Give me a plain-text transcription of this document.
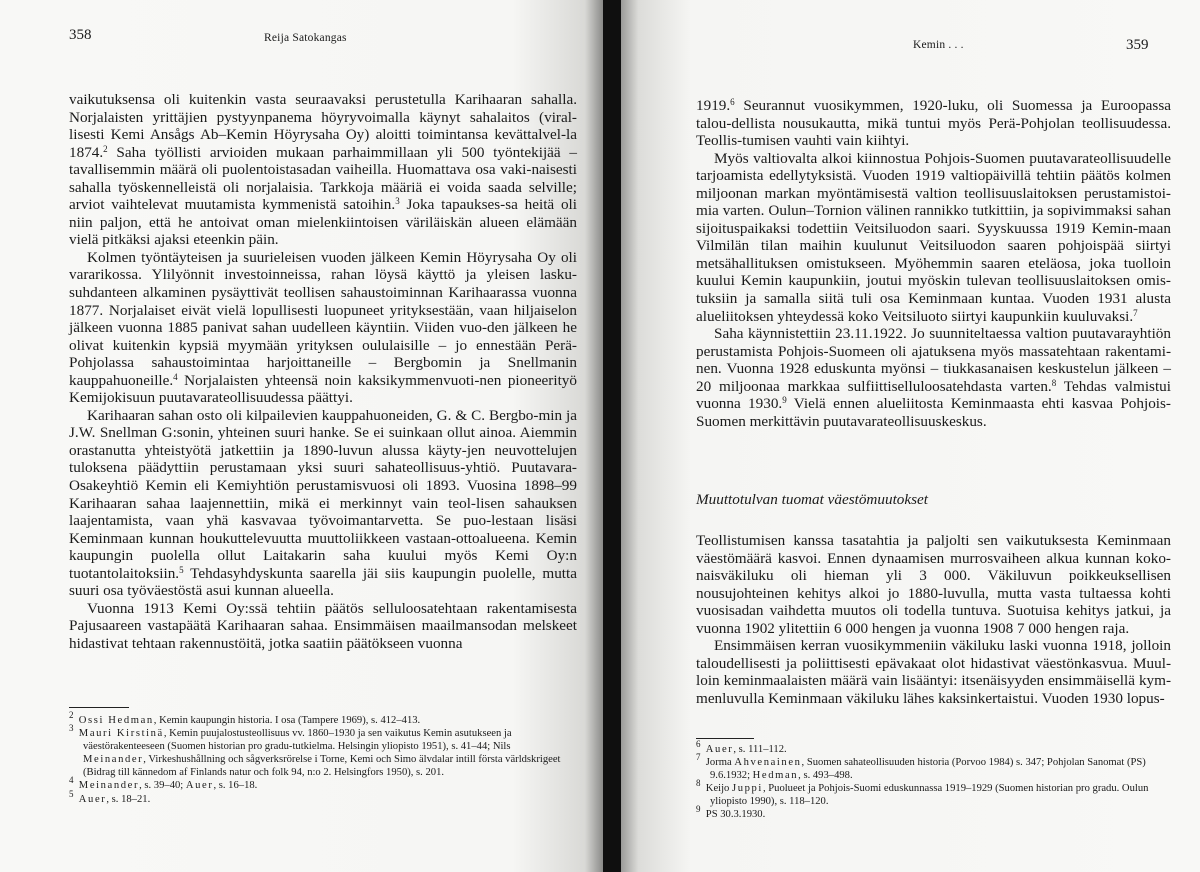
358	Reija Satokangas

vaikutuksensa oli kuitenkin vasta seuraavaksi perustetulla Karihaaran sahalla. Norjalaisten yrittäjien pystyynpanema höyryvoimalla käynyt sahalaitos (viral-lisesti Kemi Ansågs Ab–Kemin Höyrysaha Oy) aloitti toimintansa kevättalvel-la 1874.$^2$ Saha työllisti arvioiden mukaan parhaimmillaan yli 500 työntekijää – tavallisemmin määrä oli puolentoistasadan vaiheilla. Huomattava osa vaki-naisesti sahalla työskennelleistä oli norjalaisia. Tarkkoja määriä ei voida saada selville; arviot vaihtelevat muutamista kymmenistä satoihin.$^3$ Joka tapaukses-sa heitä oli niin paljon, että he antoivat oman mielenkiintoisen väriläiskän alueen elämään vielä pitkäksi ajaksi eteenkin päin.

Kolmen työntäyteisen ja suurieleisen vuoden jälkeen Kemin Höyrysaha Oy oli vararikossa. Ylilyönnit investoinneissa, rahan löysä käyttö ja yleisen lasku-suhdanteen alkaminen pysäyttivät teollisen sahaustoiminnan Karihaarassa vuonna 1877. Norjalaiset eivät vielä lopullisesti luopuneet yrityksestään, vaan hiljaiselon jälkeen vuonna 1885 panivat sahan uudelleen käyntiin. Viiden vuo-den jälkeen he olivat kuitenkin kypsiä myymään yrityksen oululaisille – jo ennestään Perä-Pohjolassa sahaustoimintaa harjoittaneille – Bergbomin ja Snellmanin kauppahuoneille.$^4$ Norjalaisten yhteensä noin kaksikymmenvuoti-nen pioneerityö Kemijokisuun puutavarateollisuudessa päättyi.

Karihaaran sahan osto oli kilpailevien kauppahuoneiden, G. & C. Bergbo-min ja J.W. Snellman G:sonin, yhteinen suuri hanke. Se ei suinkaan ollut ainoa. Aiemmin orastanutta yhteistyötä jatkettiin ja 1890-luvun alussa käyty-jen neuvottelujen tuloksena päädyttiin perustamaan yksi suuri sahateollisuus-yhtiö. Puutavara-Osakeyhtiö Kemin eli Kemiyhtiön perustamisvuosi oli 1893. Vuosina 1898–99 Karihaaran sahaa laajennettiin, mikä ei merkinnyt vain teol-lisen sahauksen laajentamista, vaan yhä kasvavaa työvoimantarvetta. Se puo-lestaan lisäsi Keminmaan kunnan houkuttelevuutta muuttoliikkeen vastaan-ottoalueena. Kemin kaupungin puolella ollut Laitakarin saha kuului myös Kemi Oy:n tuotantolaitoksiin.$^5$ Tehdasyhdyskunta saarella jäi siis kaupungin puolelle, mutta suuri osa työväestöstä asui kunnan alueella.

Vuonna 1913 Kemi Oy:ssä tehtiin päätös selluloosatehtaan rakentamisesta Pajusaareen vastapäätä Karihaaran sahaa. Ensimmäisen maailmansodan melskeet hidastivat tehtaan rakennustöitä, jotka saatiin päätökseen vuonna

$^2$ Ossi Hedman, Kemin kaupungin historia. I osa (Tampere 1969), s. 412–413.

$^3$ Mauri Kirstinä, Kemin puujalostusteollisuus vv. 1860–1930 ja sen vaikutus Kemin asutukseen ja väestörakenteeseen (Suomen historian pro gradu-tutkielma. Helsingin yliopisto 1951), s. 41–44; Nils Meinander, Virkeshushållning och sågverksrörelse i Torne, Kemi och Simo älvdalar intill första världskrigeet (Bidrag till kännedom af Finlands natur och folk 94, n:o 2. Helsingfors 1950), s. 201.

$^4$ Meinander, s. 39–40; Auer, s. 16–18.

$^5$ Auer, s. 18–21.

Kemin . . .	359

1919.$^6$ Seurannut vuosikymmen, 1920-luku, oli Suomessa ja Euroopassa talou-dellista nousukautta, mikä tuntui myös Perä-Pohjolan teollisuudessa. Teollis-tumisen vauhti vain kiihtyi.

Myös valtiovalta alkoi kiinnostua Pohjois-Suomen puutavarateollisuudelle tarjoamista edellytyksistä. Vuoden 1919 valtiopäivillä tehtiin päätös kolmen miljoonan markan myöntämisestä valtion teollisuuslaitoksen perustamistoi-mia varten. Oulun–Tornion välinen rannikko tutkittiin, ja sopivimmaksi sahan sijoituspaikaksi todettiin Veitsiluodon saari. Syyskuussa 1919 Kemin-maan Vilmilän tilan maihin kuulunut Veitsiluodon saaren pohjoispää siirtyi metsähallituksen omistukseen. Myöhemmin saaren eteläosa, joka tuolloin kuului Kemin kaupunkiin, joutui myöskin tulevan teollisuuslaitoksen omis-tuksiin ja samalla siitä tuli osa Keminmaan kuntaa. Vuoden 1931 alusta alueliitoksen yhteydessä koko Veitsiluoto siirtyi kaupunkiin kuuluvaksi.$^7$

Saha käynnistettiin 23.11.1922. Jo suunniteltaessa valtion puutavarayhtiön perustamista Pohjois-Suomeen oli ajatuksena myös massatehtaan rakentami-nen. Vuonna 1928 eduskunta myönsi – tiukkasanaisen keskustelun jälkeen – 20 miljoonaa markkaa sulfiittiselluloosatehdasta varten.$^8$ Tehdas valmistui vuonna 1930.$^9$ Vielä ennen alueliitosta Keminmaasta ehti kasvaa Pohjois-Suomen merkittävin puutavarateollisuuskeskus.

Muuttotulvan tuomat väestömuutokset

Teollistumisen kanssa tasatahtia ja paljolti sen vaikutuksesta Keminmaan väestömäärä kasvoi. Ennen dynaamisen murrosvaiheen alkua kunnan koko-naisväkiluku oli hieman yli 3 000. Väkiluvun poikkeuksellisen nousujohteinen kehitys alkoi jo 1880-luvulla, mutta vasta tultaessa kohti vuosisadan vaihdetta muutos oli todella tuntuva. Suotuisa kehitys jatkui, ja vuonna 1902 ylitettiin 6 000 hengen ja vuonna 1908 7 000 hengen raja.

Ensimmäisen kerran vuosikymmeniin väkiluku laski vuonna 1918, jolloin taloudellisesti ja poliittisesti epävakaat olot hidastivat väestönkasvua. Muul-loin keminmaalaisten määrä vain lisääntyi: itsenäisyyden ensimmäisellä kym-menluvulla Keminmaan väkiluku lähes kaksinkertaistui. Vuoden 1930 lopus-

$^6$ Auer, s. 111–112.

$^7$ Jorma Ahvenainen, Suomen sahateollisuuden historia (Porvoo 1984) s. 347; Pohjolan Sanomat (PS) 9.6.1932; Hedman, s. 493–498.

$^8$ Keijo Juppi, Puolueet ja Pohjois-Suomi eduskunnassa 1919–1929 (Suomen historian pro gradu. Oulun yliopisto 1990), s. 118–120.

$^9$ PS 30.3.1930.
